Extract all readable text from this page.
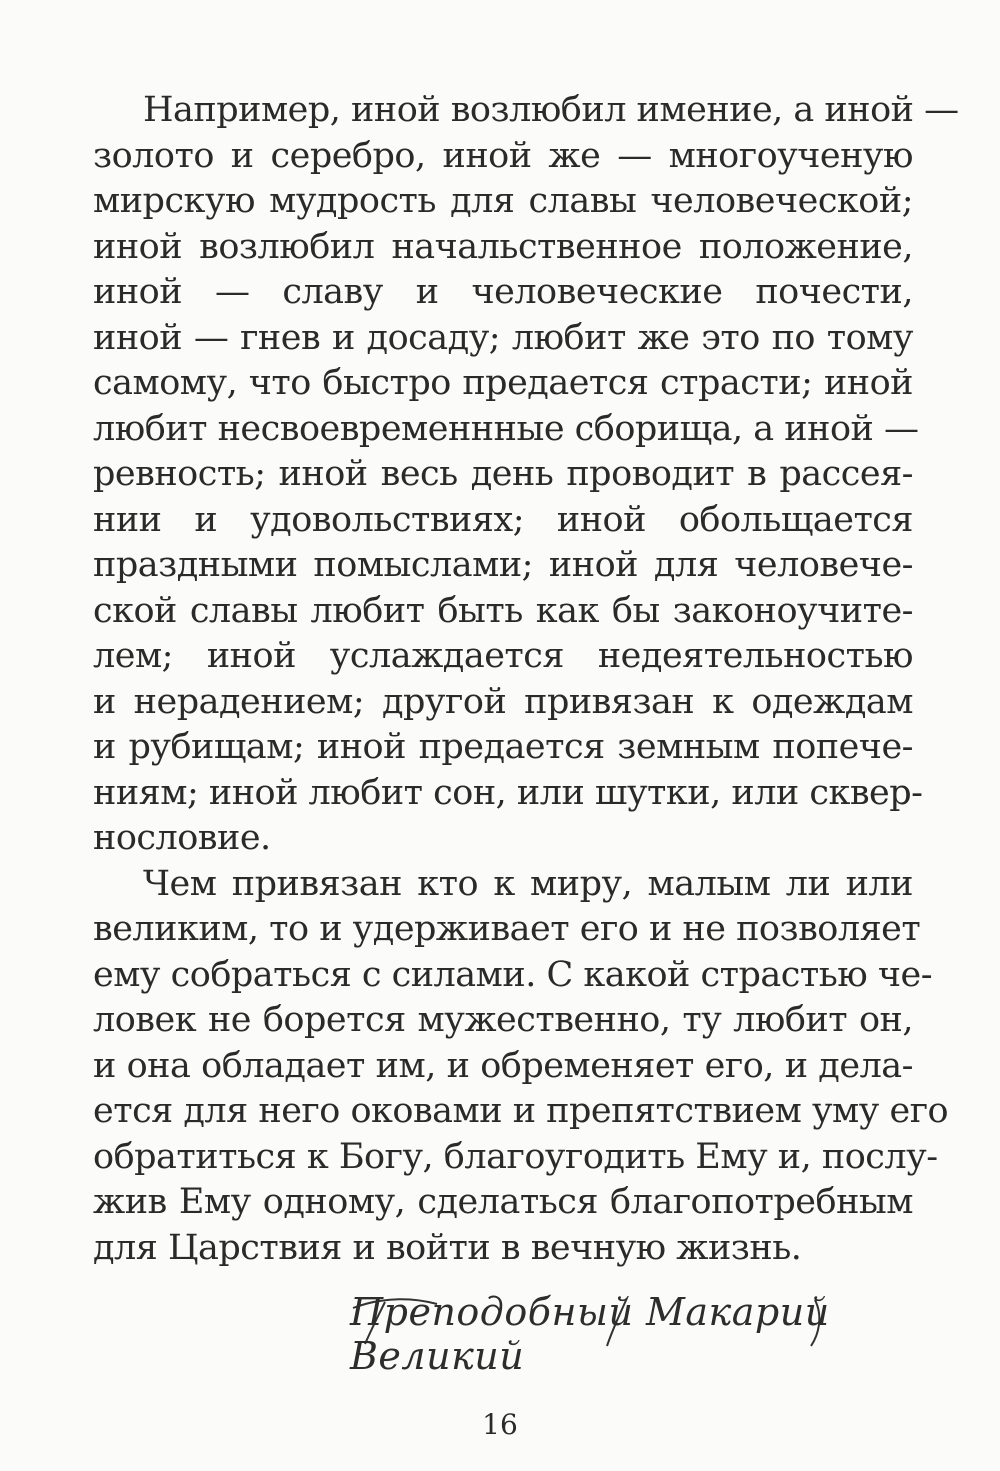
Например, иной возлюбил имение, а иной —
золото и серебро, иной же — многоученую
мирскую мудрость для славы человеческой;
иной возлюбил начальственное положение,
иной — славу и человеческие почести,
иной — гнев и досаду; любит же это по тому
самому, что быстро предается страсти; иной
любит несвоевременнные сборища, а иной —
ревность; иной весь день проводит в рассея-
нии и удовольствиях; иной обольщается
праздными помыслами; иной для человече-
ской славы любит быть как бы законоучите-
лем; иной услаждается недеятельностью
и нерадением; другой привязан к одеждам
и рубищам; иной предается земным попече-
ниям; иной любит сон, или шутки, или сквер-
нословие.
Чем привязан кто к миру, малым ли или
великим, то и удерживает его и не позволяет
ему собраться с силами. С какой страстью че-
ловек не борется мужественно, ту любит он,
и она обладает им, и обременяет его, и дела-
ется для него оковами и препятствием уму его
обратиться к Богу, благоугодить Ему и, послу-
жив Ему одному, сделаться благопотребным
для Царствия и войти в вечную жизнь.
Преподобный Макарий Великий
16
